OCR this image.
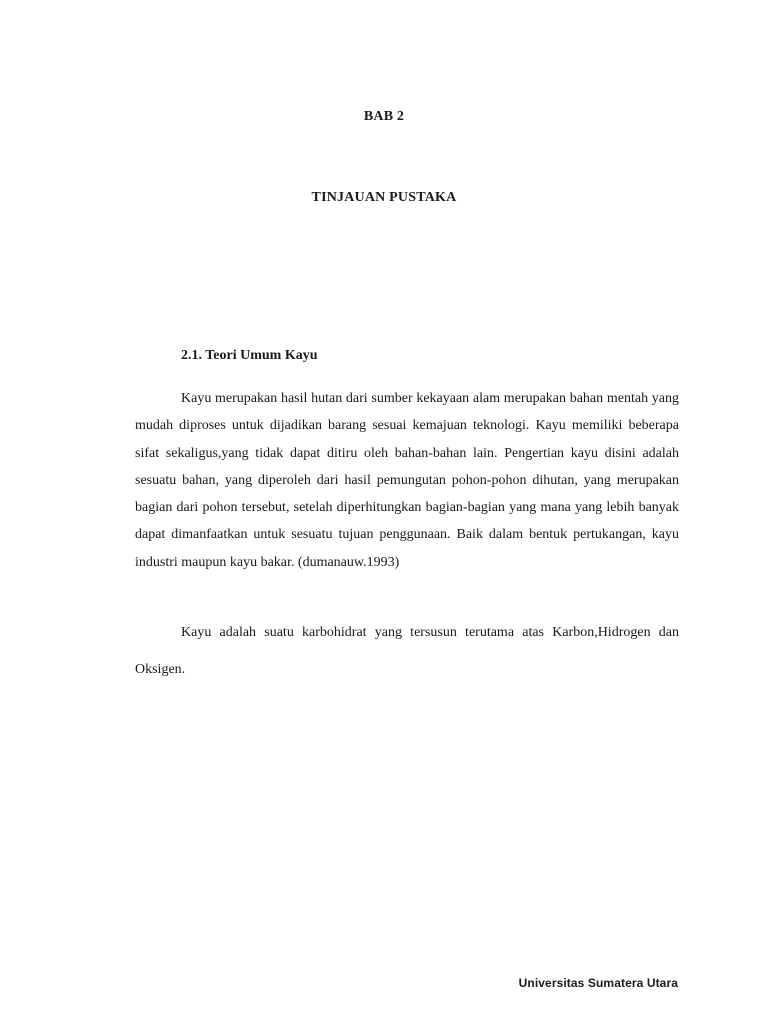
BAB 2
TINJAUAN PUSTAKA
2.1. Teori Umum Kayu

Kayu merupakan hasil hutan dari sumber kekayaan alam merupakan bahan mentah yang mudah diproses untuk dijadikan barang sesuai kemajuan teknologi. Kayu memiliki beberapa sifat sekaligus,yang tidak dapat ditiru oleh bahan-bahan lain. Pengertian kayu disini adalah sesuatu bahan, yang diperoleh dari hasil pemungutan pohon-pohon dihutan, yang merupakan bagian dari pohon tersebut, setelah diperhitungkan bagian-bagian yang mana yang lebih banyak dapat dimanfaatkan untuk sesuatu tujuan penggunaan. Baik dalam bentuk pertukangan, kayu industri maupun kayu bakar. (dumanauw.1993)

Kayu adalah suatu karbohidrat yang tersusun terutama atas Karbon,Hidrogen dan Oksigen.

Universitas Sumatera Utara
